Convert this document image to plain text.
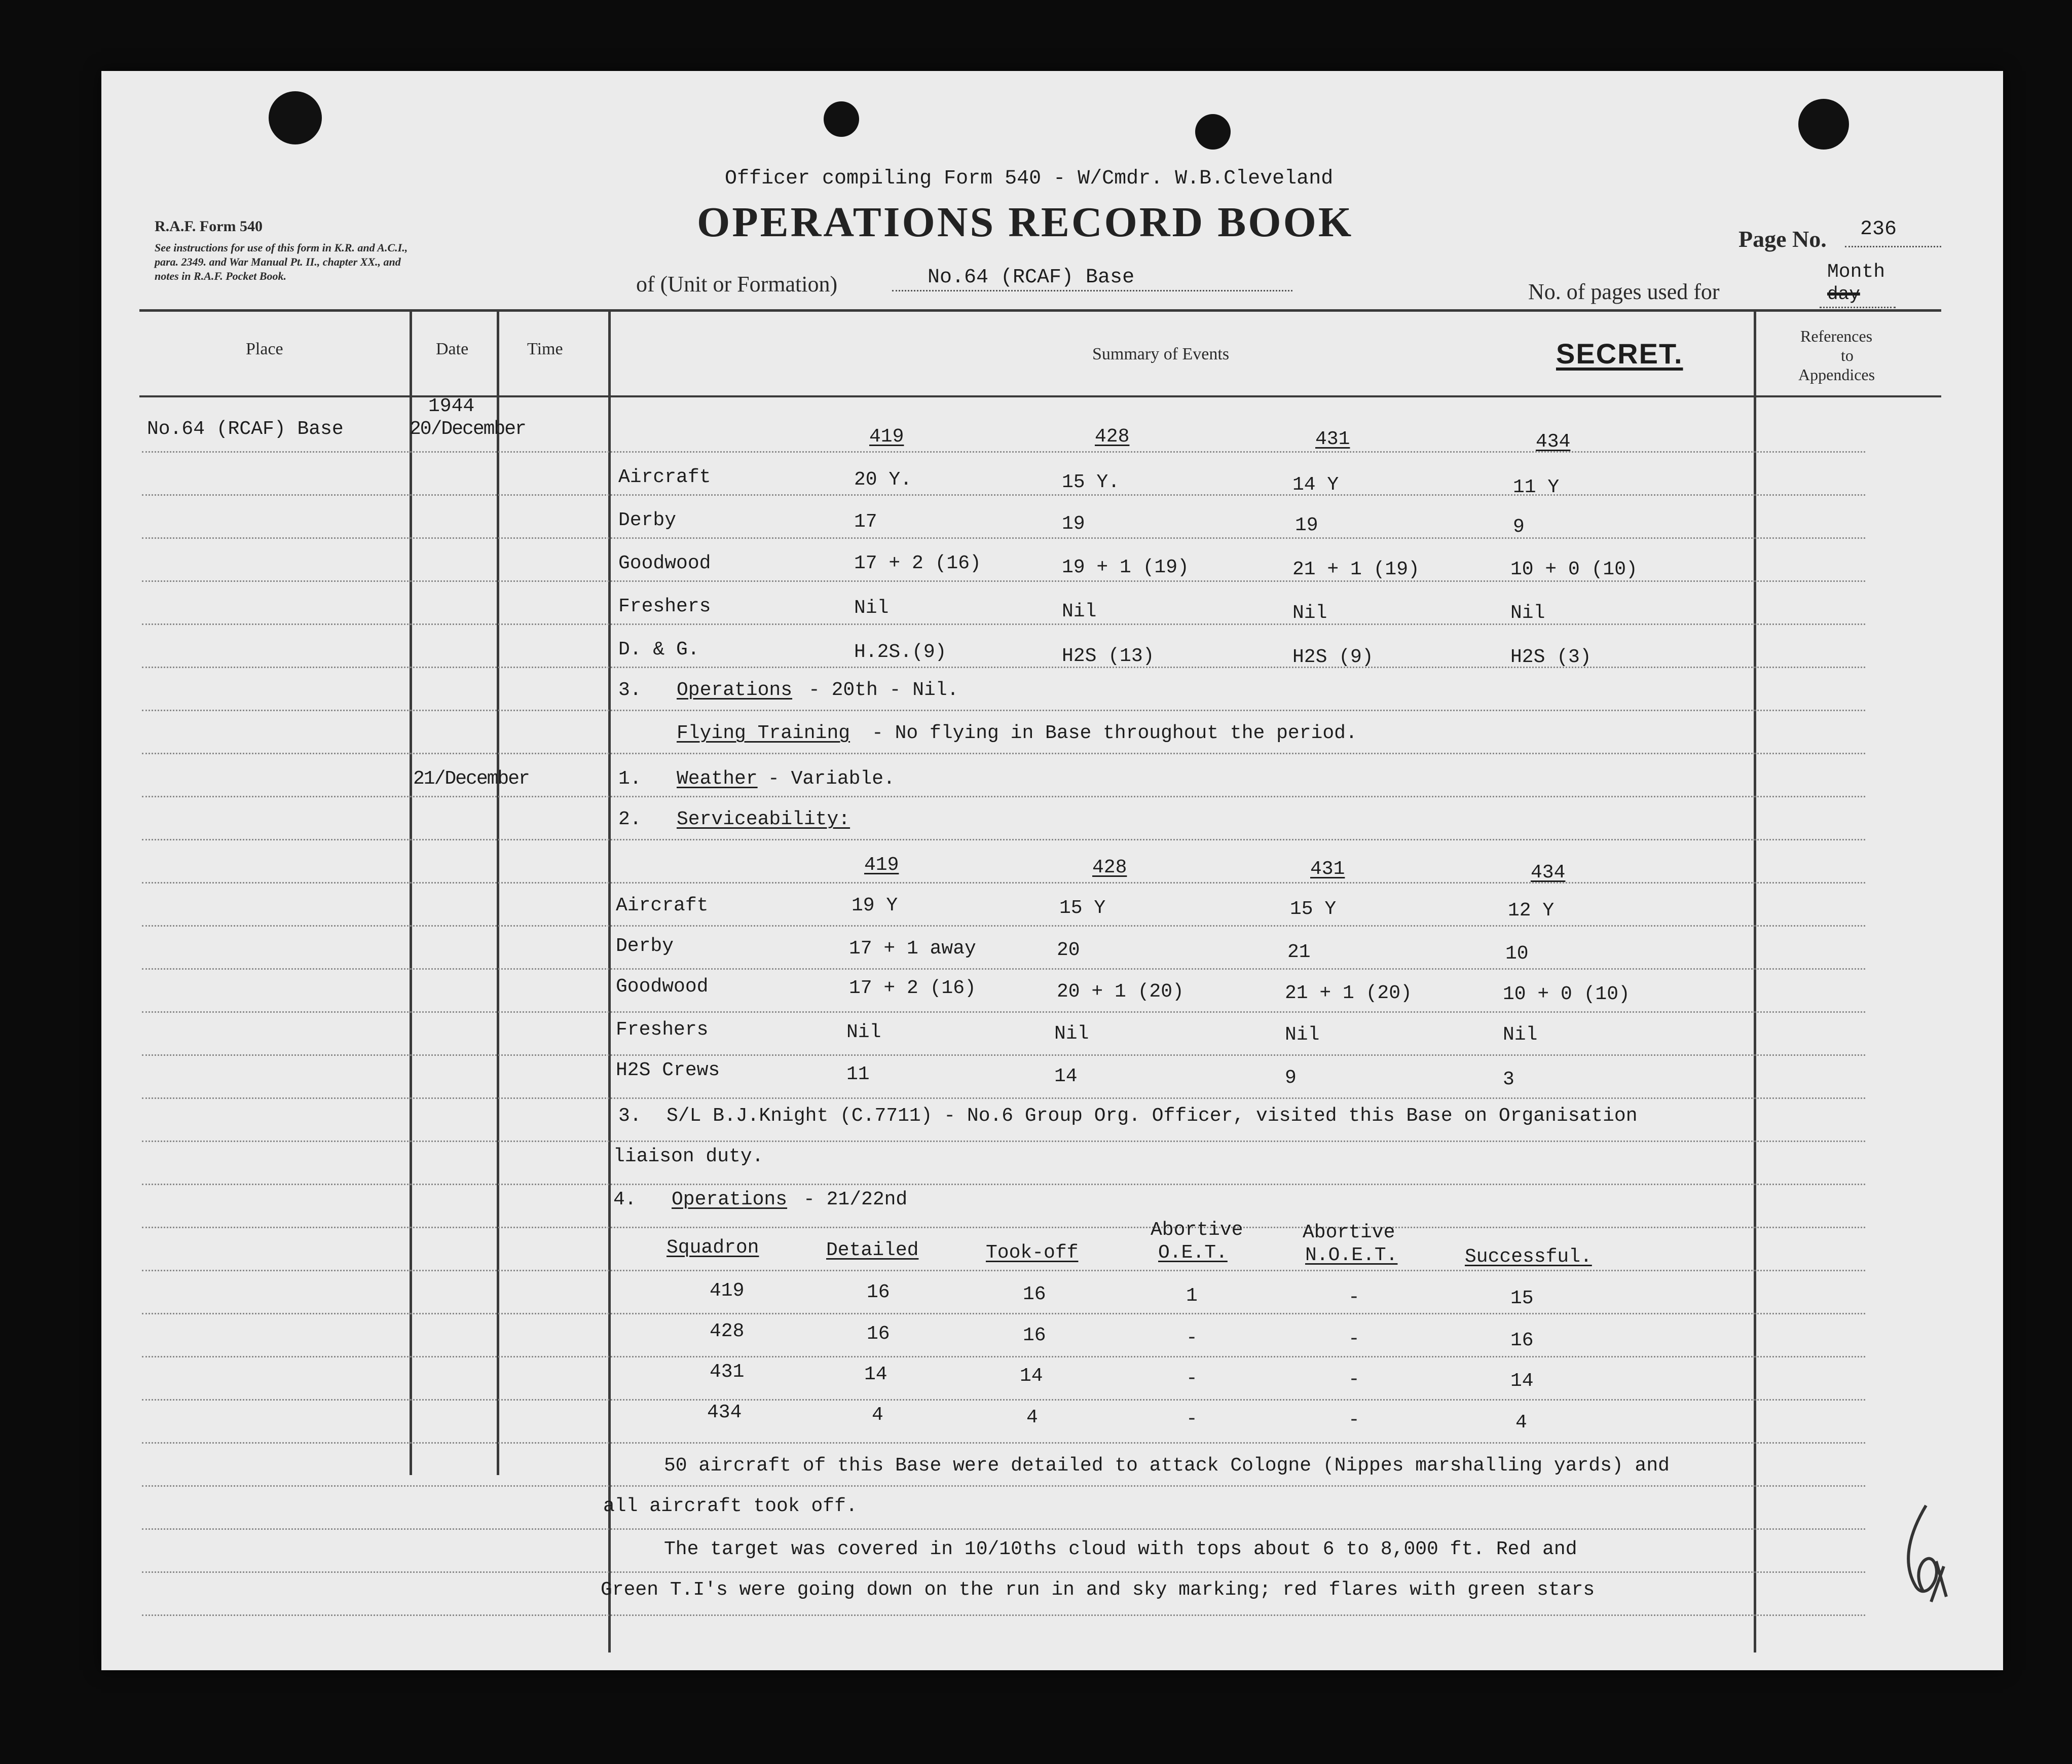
R.A.F. Form 540
See instructions for use of this form in K.R. and A.C.I.,
para. 2349. and War Manual Pt. II., chapter XX., and
notes in R.A.F. Pocket Book.
Officer compiling Form 540 - W/Cmdr. W.B.Cleveland
OPERATIONS RECORD BOOK
of (Unit or Formation)	No.64 (RCAF) Base
Page No. 236
No. of pages used for
Month
day
Place	Date	Time	Summary of Events	SECRET.
References
to
Appendices
No.64 (RCAF) Base
1944
20/December
21/December
419	428	431	434
Aircraft	20 Y.	15 Y.	14 Y	11 Y
Derby	17	19	19	9
Goodwood	17 + 2 (16)	19 + 1 (19)	21 + 1 (19)	10 + 0 (10)
Freshers	Nil	Nil	Nil	Nil
D. & G.	H.2S.(9)	H2S (13)	H2S (9)	H2S (3)
3. Operations - 20th - Nil.
Flying Training - No flying in Base throughout the period.
1. Weather - Variable.
2. Serviceability:
419	428	431	434
Aircraft	19 Y	15 Y	15 Y	12 Y
Derby	17 + 1 away	20	21	10
Goodwood	17 + 2 (16)	20 + 1 (20)	21 + 1 (20)	10 + 0 (10)
Freshers	Nil	Nil	Nil	Nil
H2S Crews	11	14	9	3
3. S/L B.J.Knight (C.7711) - No.6 Group Org. Officer, visited this Base on Organisation
liaison duty.
4. Operations - 21/22nd
Squadron	Detailed	Took-off
Abortive
O.E.T.
Abortive
N.O.E.T.	Successful.
419	16	16	1	-	15
428	16	16	-	-	16
431	14	14	-	-	14
434	4	4	-	-	4
50 aircraft of this Base were detailed to attack Cologne (Nippes marshalling yards) and
all aircraft took off.
The target was covered in 10/10ths cloud with tops about 6 to 8,000 ft. Red and
Green T.I's were going down on the run in and sky marking; red flares with green stars
